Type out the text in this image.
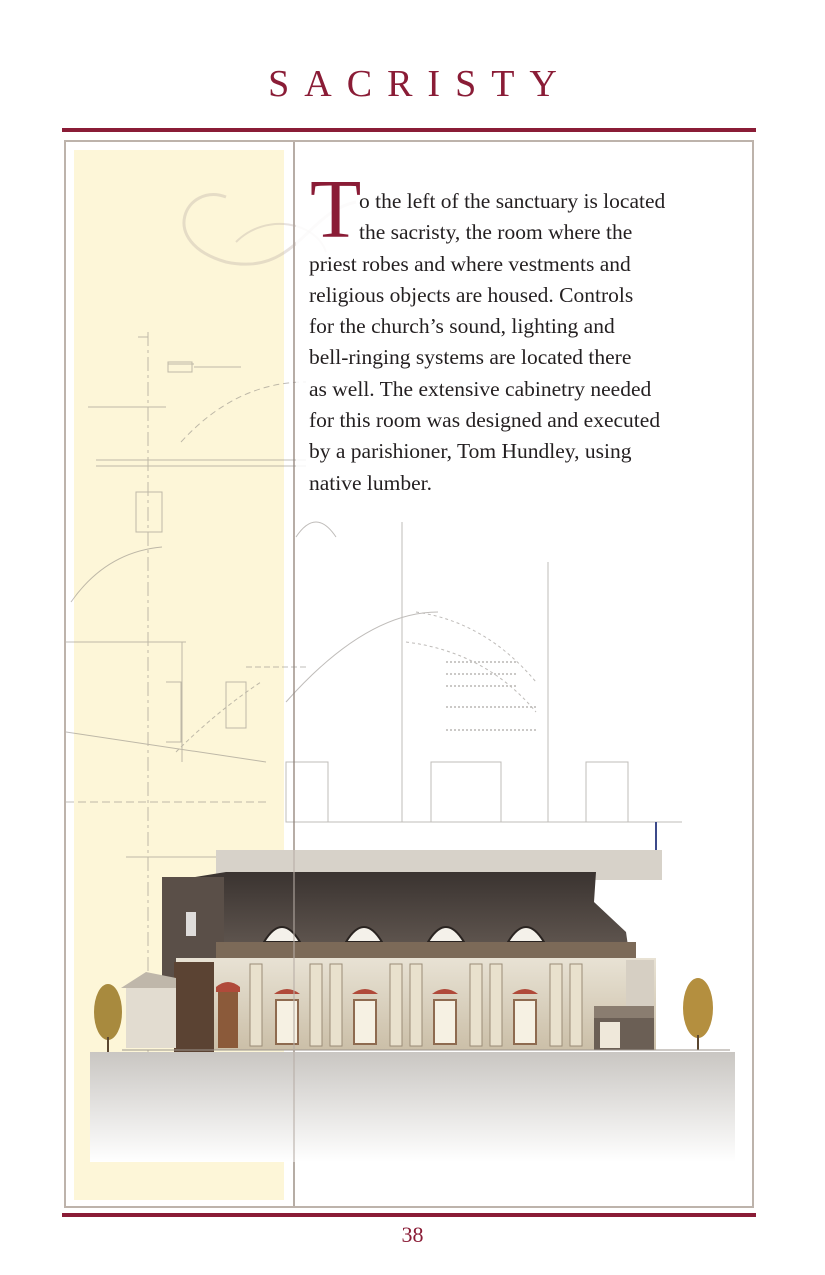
SACRISTY
T
o the left of the sanctuary is located
the sacristy, the room where the
priest robes and where vestments and
religious objects are housed. Controls
for the church’s sound, lighting and
bell-ringing systems are located there
as well. The extensive cabinetry needed
for this room was designed and executed
by a parishioner, Tom Hundley, using
native lumber.
38
